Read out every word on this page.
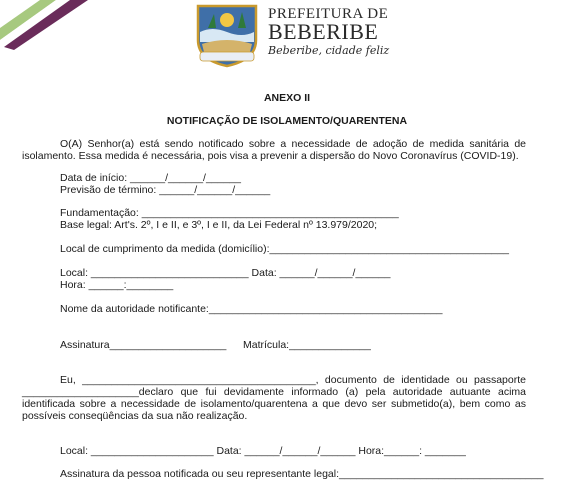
PREFEITURA DE
BEBERIBE
Beberibe, cidade feliz
ANEXO II
NOTIFICAÇÃO DE ISOLAMENTO/QUARENTENA
O(A) Senhor(a) está sendo notificado sobre a necessidade de adoção de medida sanitária de
isolamento. Essa medida é necessária, pois visa a prevenir a dispersão do Novo Coronavírus (COVID-19).
Data de início: ______/______/______
Previsão de término: ______/______/______
Fundamentação: ____________________________________________
Base legal: Art's. 2º, I e II, e 3º, I e II, da Lei Federal nº 13.979/2020;
Local de cumprimento da medida (domicílio):_________________________________________
Local: ___________________________ Data: ______/______/______
Hora: ______:________
Nome da autoridade notificante:________________________________________
Assinatura____________________ Matrícula:______________
Eu, ________________________________________, documento de identidade ou passaporte
____________________declaro que fui devidamente informado (a) pela autoridade autuante acima
identificada sobre a necessidade de isolamento/quarentena a que devo ser submetido(a), bem como as
possíveis conseqüências da sua não realização.
Local: _____________________ Data: ______/______/______ Hora:______: _______
Assinatura da pessoa notificada ou seu representante legal:___________________________________
